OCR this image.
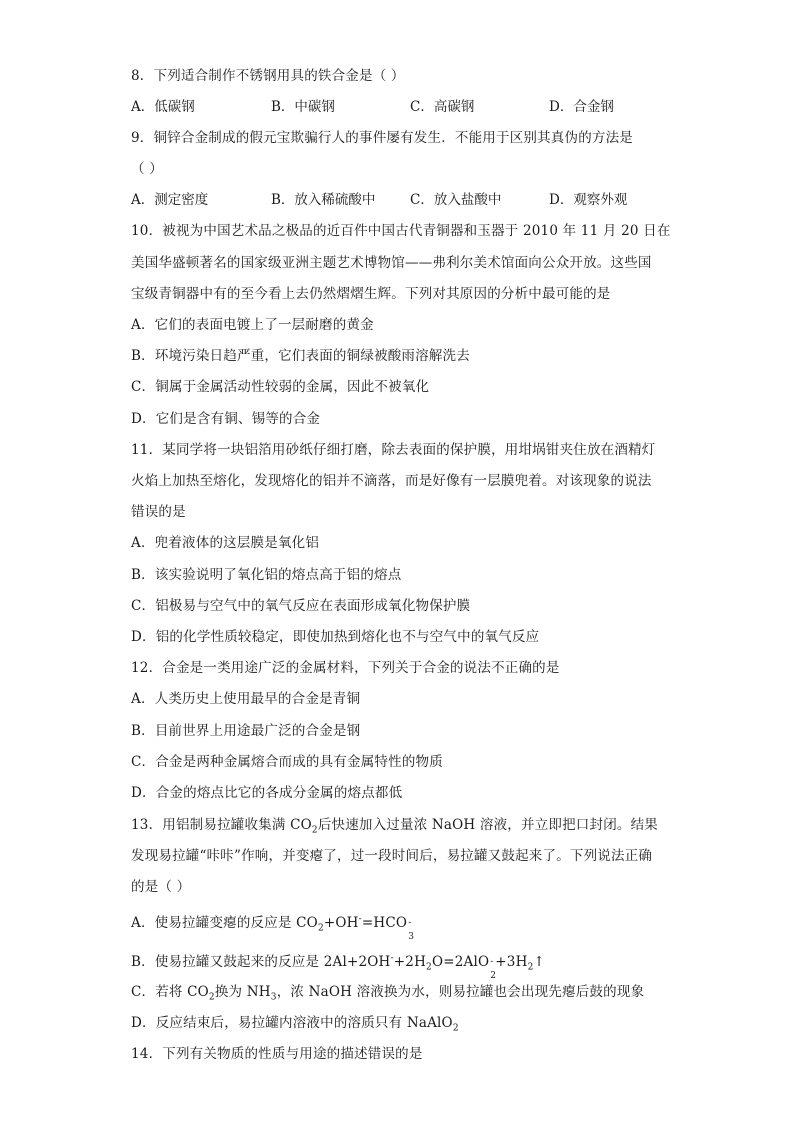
8．下列适合制作不锈钢用具的铁合金是（ ）
A．低碳钢	B．中碳钢	C．高碳钢	D．合金钢
9．铜锌合金制成的假元宝欺骗行人的事件屡有发生．不能用于区别其真伪的方法是
（ ）
A．测定密度	B．放入稀硫酸中	C．放入盐酸中	D．观察外观
10．被视为中国艺术品之极品的近百件中国古代青铜器和玉器于 2010 年 11 月 20 日在
美国华盛顿著名的国家级亚洲主题艺术博物馆——弗利尔美术馆面向公众开放。这些国
宝级青铜器中有的至今看上去仍然熠熠生辉。下列对其原因的分析中最可能的是
A．它们的表面电镀上了一层耐磨的黄金
B．环境污染日趋严重，它们表面的铜绿被酸雨溶解洗去
C．铜属于金属活动性较弱的金属，因此不被氧化
D．它们是含有铜、锡等的合金
11．某同学将一块铝箔用砂纸仔细打磨，除去表面的保护膜，用坩埚钳夹住放在酒精灯
火焰上加热至熔化，发现熔化的铝并不滴落，而是好像有一层膜兜着。对该现象的说法
错误的是
A．兜着液体的这层膜是氧化铝
B．该实验说明了氧化铝的熔点高于铝的熔点
C．铝极易与空气中的氧气反应在表面形成氧化物保护膜
D．铝的化学性质较稳定，即使加热到熔化也不与空气中的氧气反应
12．合金是一类用途广泛的金属材料，下列关于合金的说法不正确的是
A．人类历史上使用最早的合金是青铜
B．目前世界上用途最广泛的合金是钢
C．合金是两种金属熔合而成的具有金属特性的物质
D．合金的熔点比它的各成分金属的熔点都低
13．用铝制易拉罐收集满 $CO_2$后快速加入过量浓 NaOH 溶液，并立即把口封闭。结果
发现易拉罐“咔咔”作响，并变瘪了，过一段时间后，易拉罐又鼓起来了。下列说法正确
的是（ ）
A．使易拉罐变瘪的反应是 $CO_2+OH^-=HCO$ -
3
B．使易拉罐又鼓起来的反应是 $2Al+2OH^-+2H_2O=2AlO$ -
2
$+3H_2↑$
C．若将 $CO_2$换为 $NH_3$，浓 NaOH 溶液换为水，则易拉罐也会出现先瘪后鼓的现象
D．反应结束后，易拉罐内溶液中的溶质只有 NaAlO$_2$
14．下列有关物质的性质与用途的描述错误的是
